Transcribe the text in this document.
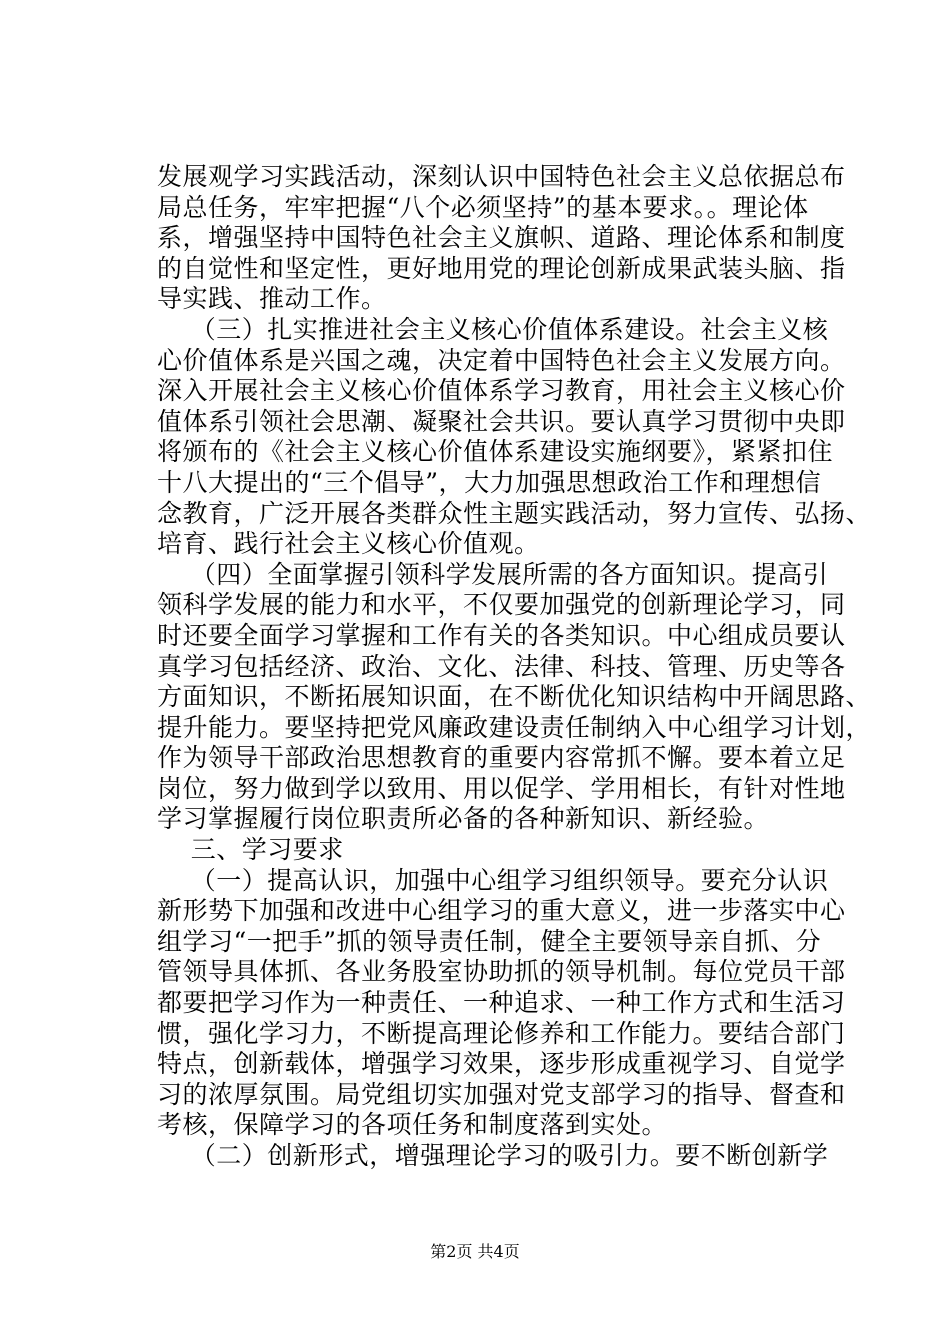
发展观学习实践活动，深刻认识中国特色社会主义总依据总布
局总任务，牢牢把握“八个必须坚持”的基本要求。。理论体
系，增强坚持中国特色社会主义旗帜、道路、理论体系和制度
的自觉性和坚定性，更好地用党的理论创新成果武装头脑、指
导实践、推动工作。
（三）扎实推进社会主义核心价值体系建设。社会主义核
心价值体系是兴国之魂，决定着中国特色社会主义发展方向。
深入开展社会主义核心价值体系学习教育，用社会主义核心价
值体系引领社会思潮、凝聚社会共识。要认真学习贯彻中央即
将颁布的《社会主义核心价值体系建设实施纲要》，紧紧扣住
十八大提出的“三个倡导”，大力加强思想政治工作和理想信
念教育，广泛开展各类群众性主题实践活动，努力宣传、弘扬、
培育、践行社会主义核心价值观。
（四）全面掌握引领科学发展所需的各方面知识。提高引
领科学发展的能力和水平，不仅要加强党的创新理论学习，同
时还要全面学习掌握和工作有关的各类知识。中心组成员要认
真学习包括经济、政治、文化、法律、科技、管理、历史等各
方面知识，不断拓展知识面，在不断优化知识结构中开阔思路、
提升能力。要坚持把党风廉政建设责任制纳入中心组学习计划，
作为领导干部政治思想教育的重要内容常抓不懈。要本着立足
岗位，努力做到学以致用、用以促学、学用相长，有针对性地
学习掌握履行岗位职责所必备的各种新知识、新经验。
三、学习要求
（一）提高认识，加强中心组学习组织领导。要充分认识
新形势下加强和改进中心组学习的重大意义，进一步落实中心
组学习“一把手”抓的领导责任制，健全主要领导亲自抓、分
管领导具体抓、各业务股室协助抓的领导机制。每位党员干部
都要把学习作为一种责任、一种追求、一种工作方式和生活习
惯，强化学习力，不断提高理论修养和工作能力。要结合部门
特点，创新载体，增强学习效果，逐步形成重视学习、自觉学
习的浓厚氛围。局党组切实加强对党支部学习的指导、督查和
考核，保障学习的各项任务和制度落到实处。
（二）创新形式，增强理论学习的吸引力。要不断创新学
第2页 共4页
